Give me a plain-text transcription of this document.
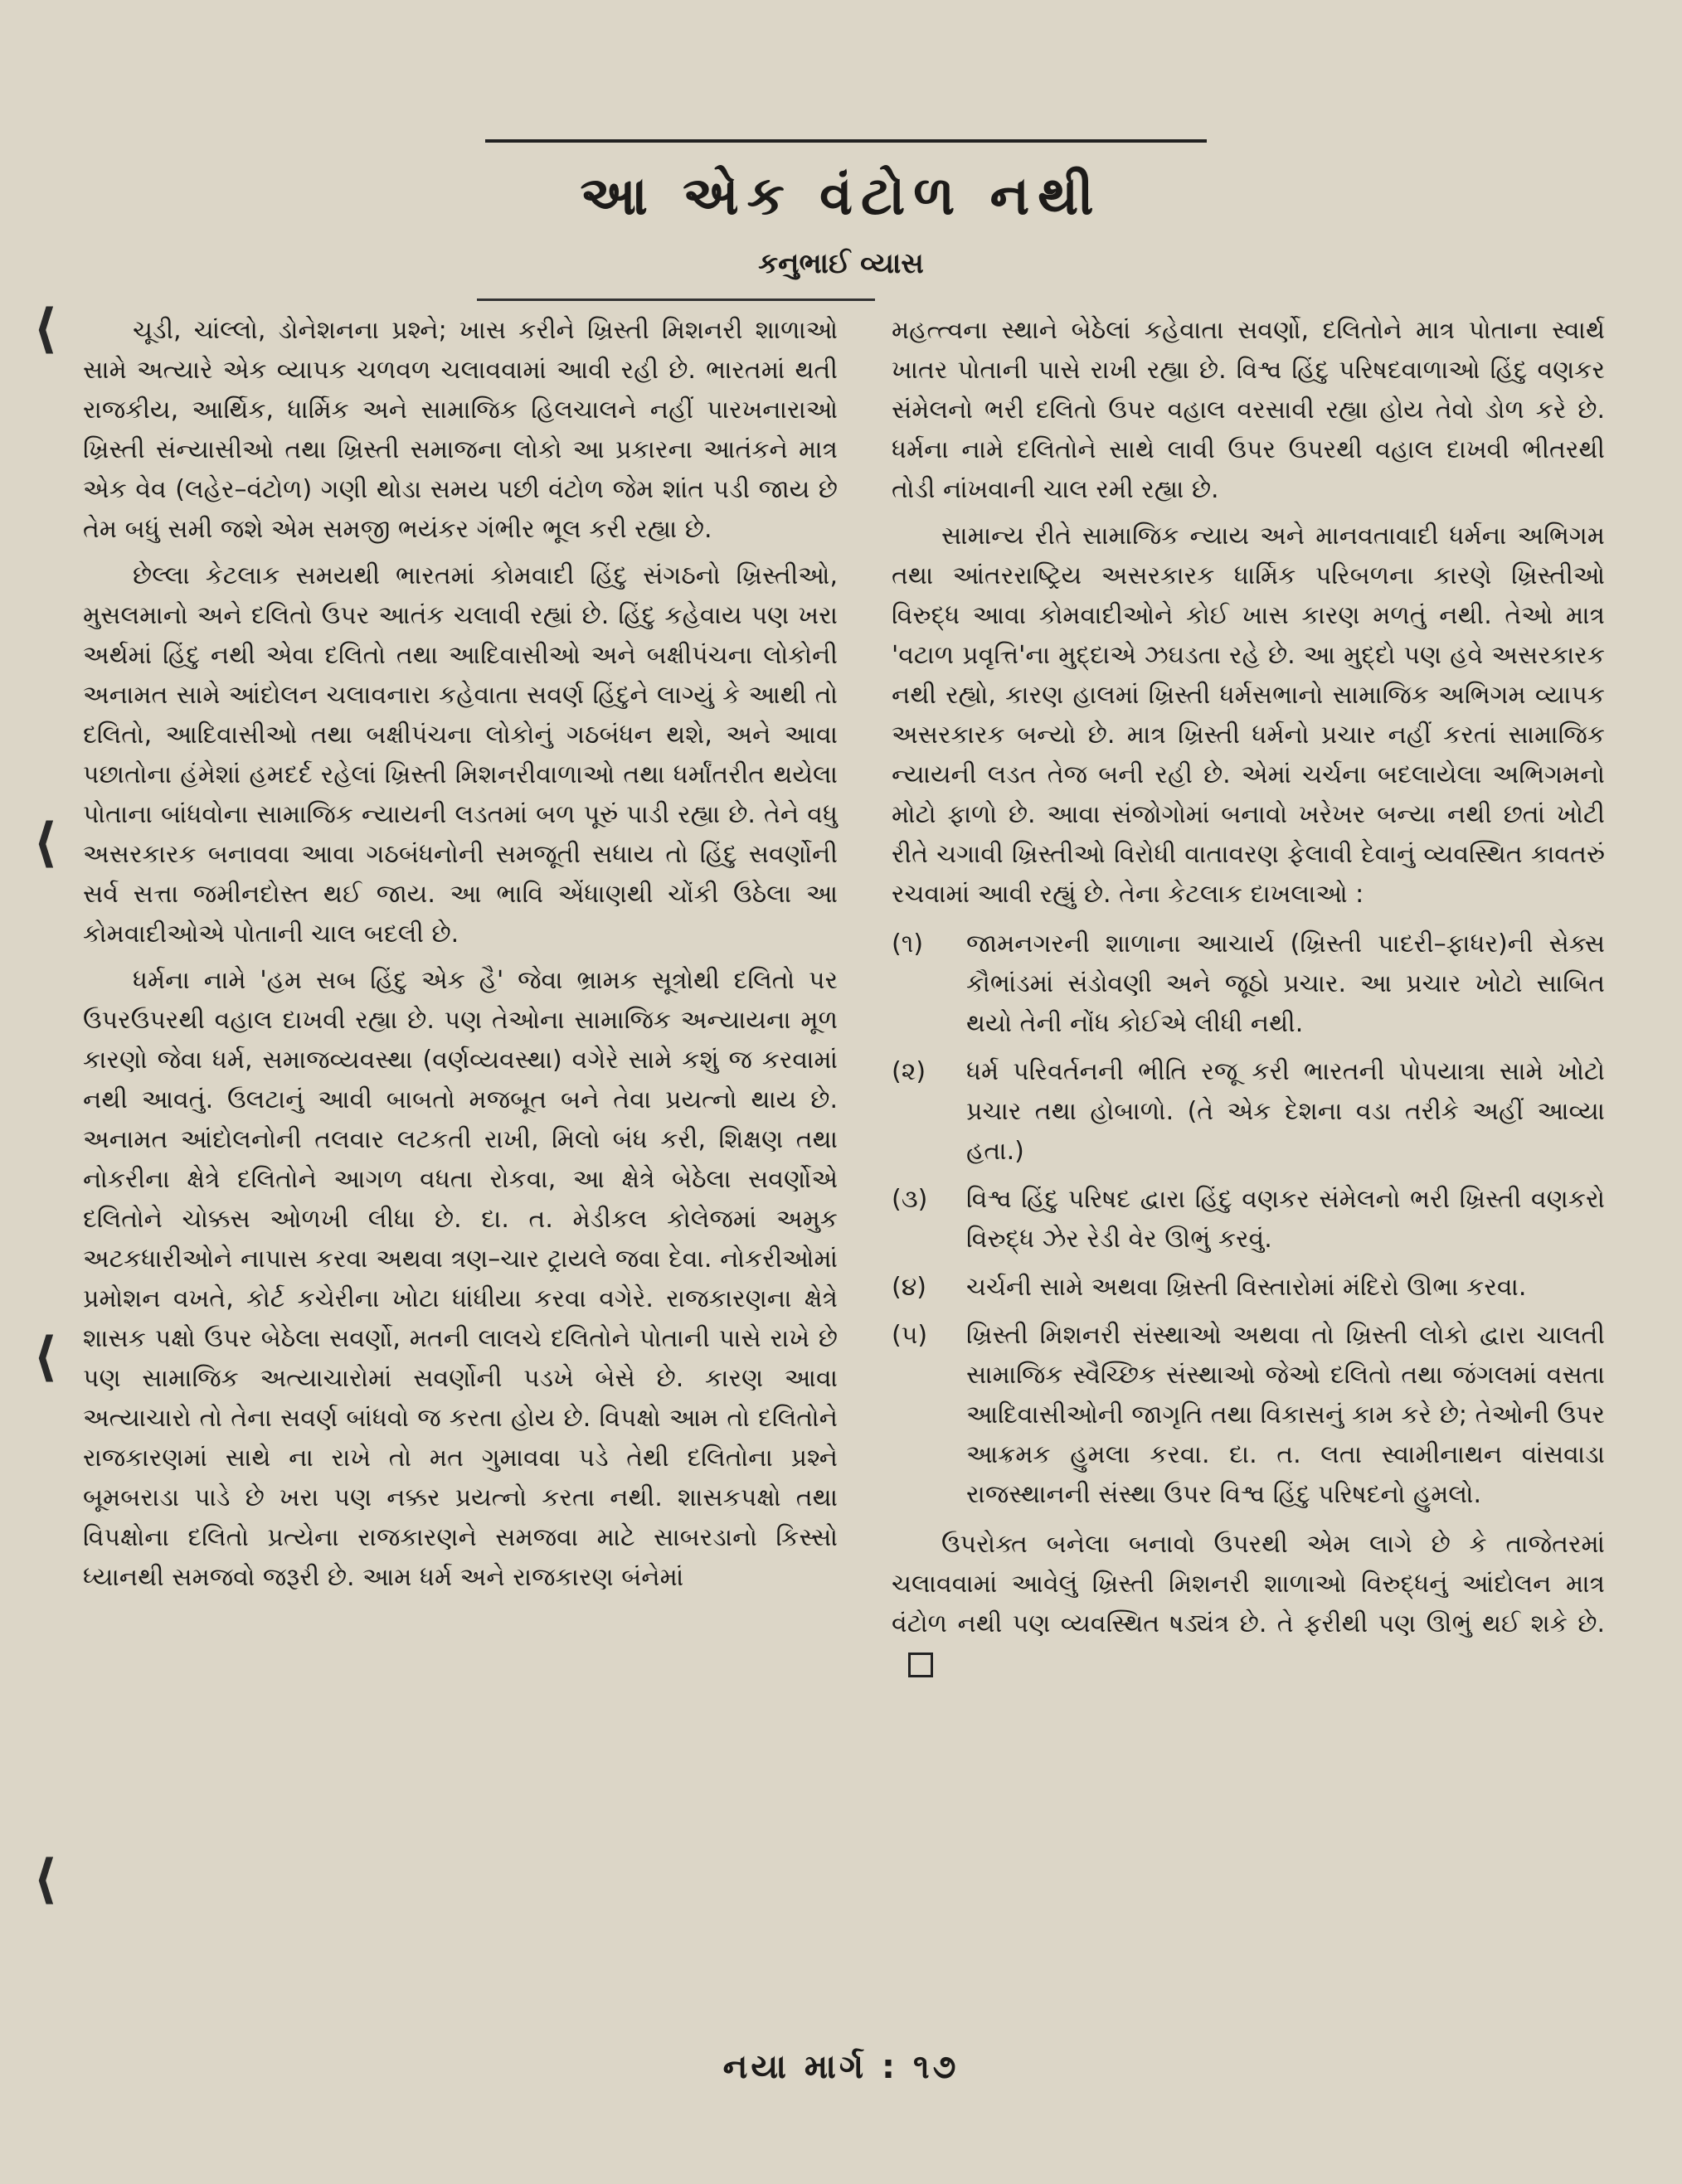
આ એક વંટોળ નથી
કનુભાઈ વ્યાસ
⟨
⟨
⟨
⟨

ચૂડી, ચાંલ્લો, ડોનેશનના પ્રશ્ને; ખાસ કરીને ખ્રિસ્તી મિશનરી શાળાઓ સામે અત્યારે એક વ્યાપક ચળવળ ચલાવવામાં આવી રહી છે. ભારતમાં થતી રાજકીય, આર્થિક, ધાર્મિક અને સામાજિક હિલચાલને નહીં પારખનારાઓ ખ્રિસ્તી સંન્યાસીઓ તથા ખ્રિસ્તી સમાજના લોકો આ પ્રકારના આતંકને માત્ર એક વેવ (લહેર–વંટોળ) ગણી થોડા સમય પછી વંટોળ જેમ શાંત પડી જાય છે તેમ બધું સમી જશે એમ સમજી ભયંકર ગંભીર ભૂલ કરી રહ્યા છે.

છેલ્લા કેટલાક સમયથી ભારતમાં કોમવાદી હિંદુ સંગઠનો ખ્રિસ્તીઓ, મુસલમાનો અને દલિતો ઉપર આતંક ચલાવી રહ્યાં છે. હિંદુ કહેવાય પણ ખરા અર્થમાં હિંદુ નથી એવા દલિતો તથા આદિવાસીઓ અને બક્ષીપંચના લોકોની અનામત સામે આંદોલન ચલાવનારા કહેવાતા સવર્ણ હિંદુને લાગ્યું કે આથી તો દલિતો, આદિવાસીઓ તથા બક્ષીપંચના લોકોનું ગઠબંધન થશે, અને આવા પછાતોના હંમેશાં હમદર્દ રહેલાં ખ્રિસ્તી મિશનરીવાળાઓ તથા ધર્માંતરીત થયેલા પોતાના બાંધવોના સામાજિક ન્યાયની લડતમાં બળ પૂરું પાડી રહ્યા છે. તેને વધુ અસરકારક બનાવવા આવા ગઠબંધનોની સમજૂતી સધાય તો હિંદુ સવર્ણોની સર્વ સત્તા જમીનદોસ્ત થઈ જાય. આ ભાવિ એંધાણથી ચોંકી ઉઠેલા આ કોમવાદીઓએ પોતાની ચાલ બદલી છે.

ધર્મના નામે 'હમ સબ હિંદુ એક હૈ' જેવા ભ્રામક સૂત્રોથી દલિતો પર ઉપરઉપરથી વહાલ દાખવી રહ્યા છે. પણ તેઓના સામાજિક અન્યાયના મૂળ કારણો જેવા ધર્મ, સમાજવ્યવસ્થા (વર્ણવ્યવસ્થા) વગેરે સામે કશું જ કરવામાં નથી આવતું. ઉલટાનું આવી બાબતો મજબૂત બને તેવા પ્રયત્નો થાય છે. અનામત આંદોલનોની તલવાર લટકતી રાખી, મિલો બંધ કરી, શિક્ષણ તથા નોકરીના ક્ષેત્રે દલિતોને આગળ વધતા રોકવા, આ ક્ષેત્રે બેઠેલા સવર્ણોએ દલિતોને ચોક્કસ ઓળખી લીધા છે. દા. ત. મેડીકલ કોલેજમાં અમુક અટકધારીઓને નાપાસ કરવા અથવા ત્રણ–ચાર ટ્રાયલે જવા દેવા. નોકરીઓમાં પ્રમોશન વખતે, કોર્ટ કચેરીના ખોટા ધાંધીયા કરવા વગેરે. રાજકારણના ક્ષેત્રે શાસક પક્ષો ઉપર બેઠેલા સવર્ણો, મતની લાલચે દલિતોને પોતાની પાસે રાખે છે પણ સામાજિક અત્યાચારોમાં સવર્ણોની પડખે બેસે છે. કારણ આવા અત્યાચારો તો તેના સવર્ણ બાંધવો જ કરતા હોય છે. વિપક્ષો આમ તો દલિતોને રાજકારણમાં સાથે ના રાખે તો મત ગુમાવવા પડે તેથી દલિતોના પ્રશ્ને બૂમબરાડા પાડે છે ખરા પણ નક્કર પ્રયત્નો કરતા નથી. શાસકપક્ષો તથા વિપક્ષોના દલિતો પ્રત્યેના રાજકારણને સમજવા માટે સાબરડાનો કિસ્સો ધ્યાનથી સમજવો જરૂરી છે. આમ ધર્મ અને રાજકારણ બંનેમાં

મહત્ત્વના સ્થાને બેઠેલાં કહેવાતા સવર્ણો, દલિતોને માત્ર પોતાના સ્વાર્થ ખાતર પોતાની પાસે રાખી રહ્યા છે. વિશ્વ હિંદુ પરિષદવાળાઓ હિંદુ વણકર સંમેલનો ભરી દલિતો ઉપર વહાલ વરસાવી રહ્યા હોય તેવો ડોળ કરે છે. ધર્મના નામે દલિતોને સાથે લાવી ઉપર ઉપરથી વહાલ દાખવી ભીતરથી તોડી નાંખવાની ચાલ રમી રહ્યા છે.

સામાન્ય રીતે સામાજિક ન્યાય અને માનવતાવાદી ધર્મના અભિગમ તથા આંતરરાષ્ટ્રિય અસરકારક ધાર્મિક પરિબળના કારણે ખ્રિસ્તીઓ વિરુદ્ધ આવા કોમવાદીઓને કોઈ ખાસ કારણ મળતું નથી. તેઓ માત્ર 'વટાળ પ્રવૃત્તિ'ના મુદ્દાએ ઝઘડતા રહે છે. આ મુદ્દો પણ હવે અસરકારક નથી રહ્યો, કારણ હાલમાં ખ્રિસ્તી ધર્મસભાનો સામાજિક અભિગમ વ્યાપક અસરકારક બન્યો છે. માત્ર ખ્રિસ્તી ધર્મનો પ્રચાર નહીં કરતાં સામાજિક ન્યાયની લડત તેજ બની રહી છે. એમાં ચર્ચના બદલાયેલા અભિગમનો મોટો ફાળો છે. આવા સંજોગોમાં બનાવો ખરેખર બન્યા નથી છતાં ખોટી રીતે ચગાવી ખ્રિસ્તીઓ વિરોધી વાતાવરણ ફેલાવી દેવાનું વ્યવસ્થિત કાવતરું રચવામાં આવી રહ્યું છે. તેના કેટલાક દાખલાઓ :

(૧)	જામનગરની શાળાના આચાર્ય (ખ્રિસ્તી પાદરી–ફાધર)ની સેક્સ કૌભાંડમાં સંડોવણી અને જૂઠો પ્રચાર. આ પ્રચાર ખોટો સાબિત થયો તેની નોંધ કોઈએ લીધી નથી.
(૨)	ધર્મ પરિવર્તનની ભીતિ રજૂ કરી ભારતની પોપયાત્રા સામે ખોટો પ્રચાર તથા હોબાળો. (તે એક દેશના વડા તરીકે અહીં આવ્યા હતા.)
(૩)	વિશ્વ હિંદુ પરિષદ દ્વારા હિંદુ વણકર સંમેલનો ભરી ખ્રિસ્તી વણકરો વિરુદ્ધ ઝેર રેડી વેર ઊભું કરવું.
(૪)	ચર્ચની સામે અથવા ખ્રિસ્તી વિસ્તારોમાં મંદિરો ઊભા કરવા.
(૫)	ખ્રિસ્તી મિશનરી સંસ્થાઓ અથવા તો ખ્રિસ્તી લોકો દ્વારા ચાલતી સામાજિક સ્વૈચ્છિક સંસ્થાઓ જેઓ દલિતો તથા જંગલમાં વસતા આદિવાસીઓની જાગૃતિ તથા વિકાસનું કામ કરે છે; તેઓની ઉપર આક્રમક હુમલા કરવા. દા. ત. લતા સ્વામીનાથન વાંસવાડા રાજસ્થાનની સંસ્થા ઉપર વિશ્વ હિંદુ પરિષદનો હુમલો.

ઉપરોક્ત બનેલા બનાવો ઉપરથી એમ લાગે છે કે તાજેતરમાં ચલાવવામાં આવેલું ખ્રિસ્તી મિશનરી શાળાઓ વિરુદ્ધનું આંદોલન માત્ર વંટોળ નથી પણ વ્યવસ્થિત ષડ્યંત્ર છે. તે ફરીથી પણ ઊભું થઈ શકે છે.

નયા માર્ગ : ૧૭
